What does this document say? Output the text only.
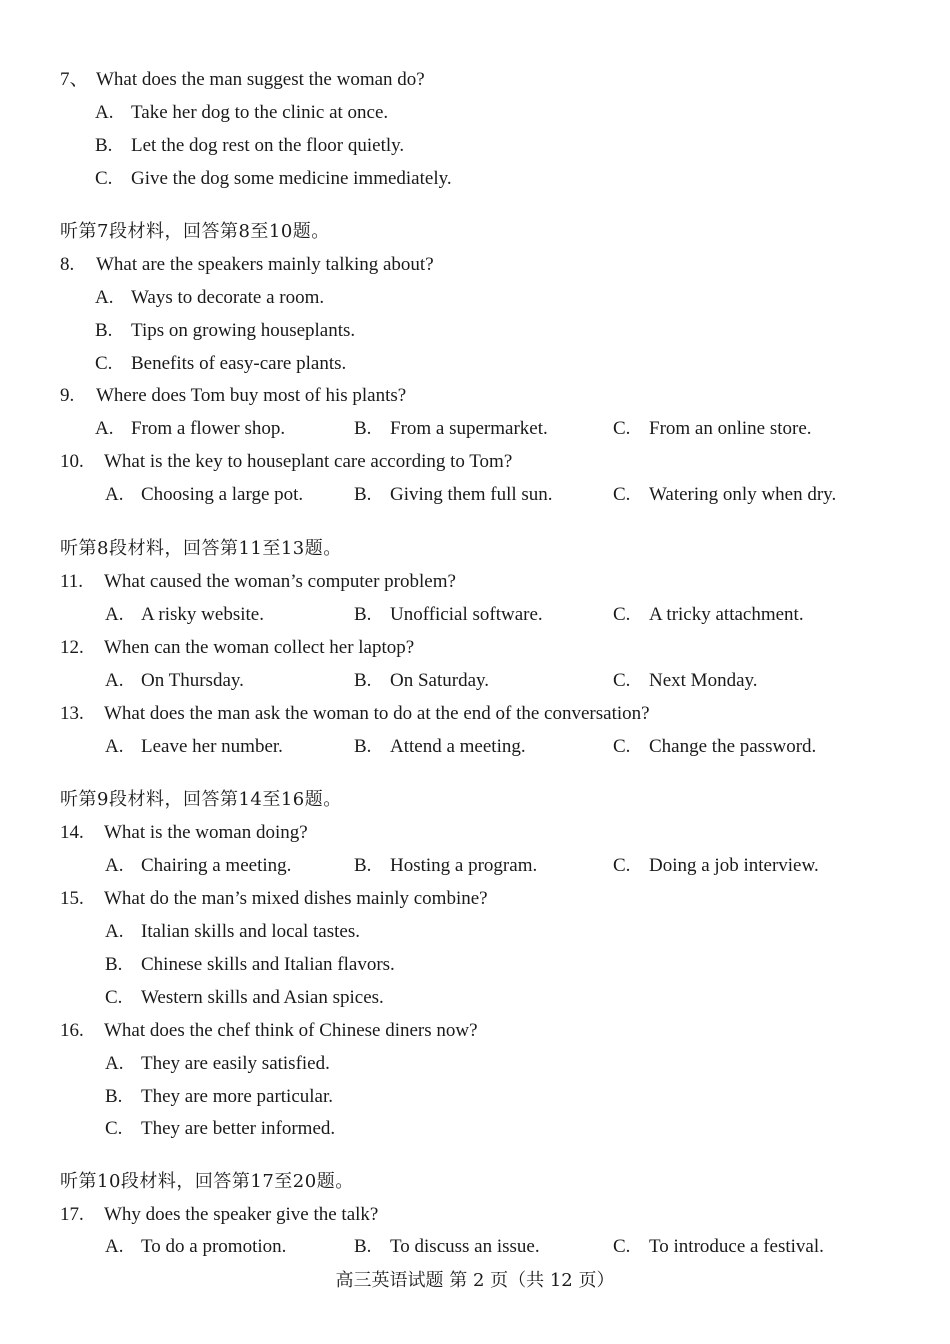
7、 What does the man suggest the woman do?
A. Take her dog to the clinic at once.
B. Let the dog rest on the floor quietly.
C. Give the dog some medicine immediately.
听第7段材料，回答第8至10题。
8. What are the speakers mainly talking about?
A. Ways to decorate a room.
B. Tips on growing houseplants.
C. Benefits of easy-care plants.
9. Where does Tom buy most of his plants?
A. From a flower shop.	B. From a supermarket.	C. From an online store.
10. What is the key to houseplant care according to Tom?
A. Choosing a large pot.	B. Giving them full sun.	C. Watering only when dry.
听第8段材料，回答第11至13题。
11. What caused the woman’s computer problem?
A. A risky website.	B. Unofficial software.	C. A tricky attachment.
12. When can the woman collect her laptop?
A. On Thursday.	B. On Saturday.	C. Next Monday.
13. What does the man ask the woman to do at the end of the conversation?
A. Leave her number.	B. Attend a meeting.	C. Change the password.
听第9段材料，回答第14至16题。
14. What is the woman doing?
A. Chairing a meeting.	B. Hosting a program.	C. Doing a job interview.
15. What do the man’s mixed dishes mainly combine?
A. Italian skills and local tastes.
B. Chinese skills and Italian flavors.
C. Western skills and Asian spices.
16. What does the chef think of Chinese diners now?
A. They are easily satisfied.
B. They are more particular.
C. They are better informed.
听第10段材料，回答第17至20题。
17. Why does the speaker give the talk?
A. To do a promotion.	B. To discuss an issue.	C. To introduce a festival.
高三英语试题 第 2 页（共 12 页）
